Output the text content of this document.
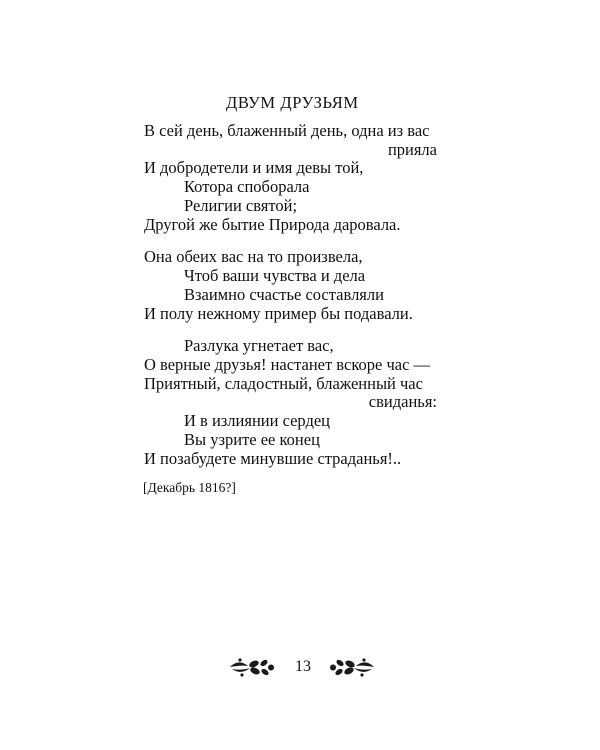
ДВУМ ДРУЗЬЯМ
В сей день, блаженный день, одна из вас
прияла
И добродетели и имя девы той,
Котора споборала
Религии святой;
Другой же бытие Природа даровала.
Она обеих вас на то произвела,
Чтоб ваши чувства и дела
Взаимно счастье составляли
И полу нежному пример бы подавали.
Разлука угнетает вас,
О верные друзья! настанет вскоре час —
Приятный, сладостный, блаженный час
свиданья:
И в излиянии сердец
Вы узрите ее конец
И позабудете минувшие страданья!..
[Декабрь 1816?]
13
